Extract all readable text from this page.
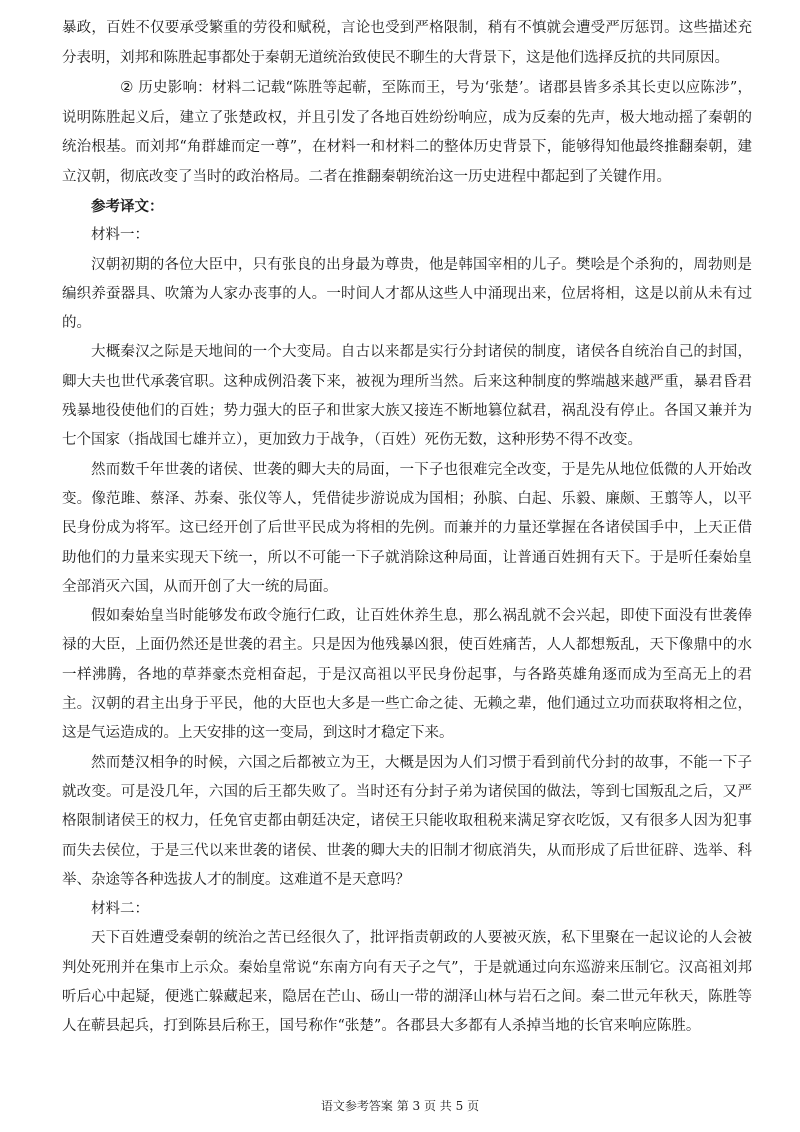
暴政，百姓不仅要承受繁重的劳役和赋税，言论也受到严格限制，稍有不慎就会遭受严厉惩罚。这些描述充分表明，刘邦和陈胜起事都处于秦朝无道统治致使民不聊生的大背景下，这是他们选择反抗的共同原因。

② 历史影响：材料二记载“陈胜等起蕲，至陈而王，号为‘张楚’。诸郡县皆多杀其长吏以应陈涉”，说明陈胜起义后，建立了张楚政权，并且引发了各地百姓纷纷响应，成为反秦的先声，极大地动摇了秦朝的统治根基。而刘邦“角群雄而定一尊”，在材料一和材料二的整体历史背景下，能够得知他最终推翻秦朝，建立汉朝，彻底改变了当时的政治格局。二者在推翻秦朝统治这一历史进程中都起到了关键作用。

参考译文：

材料一：

汉朝初期的各位大臣中，只有张良的出身最为尊贵，他是韩国宰相的儿子。樊哙是个杀狗的，周勃则是编织养蚕器具、吹箫为人家办丧事的人。一时间人才都从这些人中涌现出来，位居将相，这是以前从未有过的。

大概秦汉之际是天地间的一个大变局。自古以来都是实行分封诸侯的制度，诸侯各自统治自己的封国，卿大夫也世代承袭官职。这种成例沿袭下来，被视为理所当然。后来这种制度的弊端越来越严重，暴君昏君残暴地役使他们的百姓；势力强大的臣子和世家大族又接连不断地篡位弑君，祸乱没有停止。各国又兼并为七个国家（指战国七雄并立），更加致力于战争，（百姓）死伤无数，这种形势不得不改变。

然而数千年世袭的诸侯、世袭的卿大夫的局面，一下子也很难完全改变，于是先从地位低微的人开始改变。像范雎、蔡泽、苏秦、张仪等人，凭借徒步游说成为国相；孙膑、白起、乐毅、廉颇、王翦等人，以平民身份成为将军。这已经开创了后世平民成为将相的先例。而兼并的力量还掌握在各诸侯国手中，上天正借助他们的力量来实现天下统一，所以不可能一下子就消除这种局面，让普通百姓拥有天下。于是听任秦始皇全部消灭六国，从而开创了大一统的局面。

假如秦始皇当时能够发布政令施行仁政，让百姓休养生息，那么祸乱就不会兴起，即使下面没有世袭俸禄的大臣，上面仍然还是世袭的君主。只是因为他残暴凶狠，使百姓痛苦，人人都想叛乱，天下像鼎中的水一样沸腾，各地的草莽豪杰竞相奋起，于是汉高祖以平民身份起事，与各路英雄角逐而成为至高无上的君主。汉朝的君主出身于平民，他的大臣也大多是一些亡命之徒、无赖之辈，他们通过立功而获取将相之位，这是气运造成的。上天安排的这一变局，到这时才稳定下来。

然而楚汉相争的时候，六国之后都被立为王，大概是因为人们习惯于看到前代分封的故事，不能一下子就改变。可是没几年，六国的后王都失败了。当时还有分封子弟为诸侯国的做法，等到七国叛乱之后，又严格限制诸侯王的权力，任免官吏都由朝廷决定，诸侯王只能收取租税来满足穿衣吃饭，又有很多人因为犯事而失去侯位，于是三代以来世袭的诸侯、世袭的卿大夫的旧制才彻底消失，从而形成了后世征辟、选举、科举、杂途等各种选拔人才的制度。这难道不是天意吗？

材料二：

天下百姓遭受秦朝的统治之苦已经很久了，批评指责朝政的人要被灭族，私下里聚在一起议论的人会被判处死刑并在集市上示众。秦始皇常说“东南方向有天子之气”，于是就通过向东巡游来压制它。汉高祖刘邦听后心中起疑，便逃亡躲藏起来，隐居在芒山、砀山一带的湖泽山林与岩石之间。秦二世元年秋天，陈胜等人在蕲县起兵，打到陈县后称王，国号称作“张楚”。各郡县大多都有人杀掉当地的长官来响应陈胜。

语文参考答案 第 3 页 共 5 页
